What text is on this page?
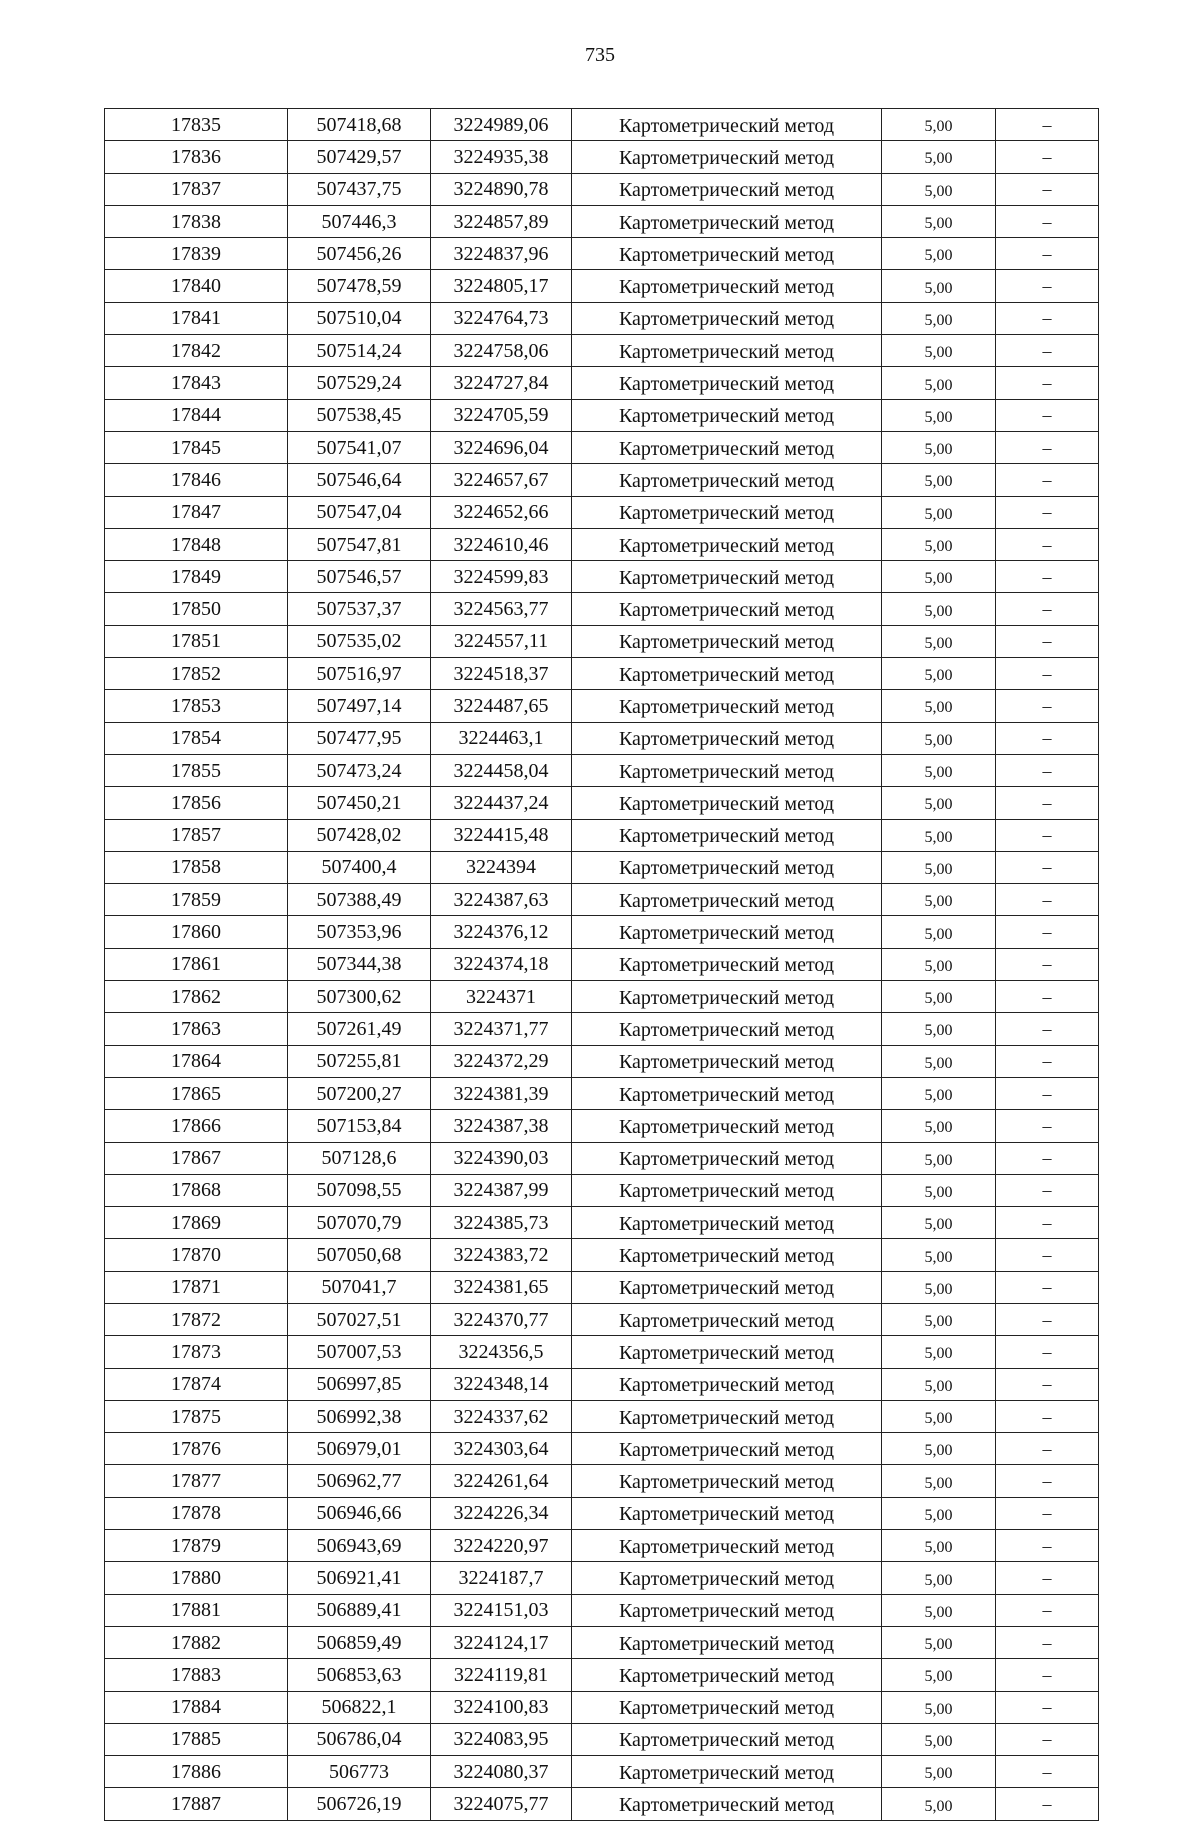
735
17835	507418,68	3224989,06	Картометрический метод	5,00	–
17836	507429,57	3224935,38	Картометрический метод	5,00	–
17837	507437,75	3224890,78	Картометрический метод	5,00	–
17838	507446,3	3224857,89	Картометрический метод	5,00	–
17839	507456,26	3224837,96	Картометрический метод	5,00	–
17840	507478,59	3224805,17	Картометрический метод	5,00	–
17841	507510,04	3224764,73	Картометрический метод	5,00	–
17842	507514,24	3224758,06	Картометрический метод	5,00	–
17843	507529,24	3224727,84	Картометрический метод	5,00	–
17844	507538,45	3224705,59	Картометрический метод	5,00	–
17845	507541,07	3224696,04	Картометрический метод	5,00	–
17846	507546,64	3224657,67	Картометрический метод	5,00	–
17847	507547,04	3224652,66	Картометрический метод	5,00	–
17848	507547,81	3224610,46	Картометрический метод	5,00	–
17849	507546,57	3224599,83	Картометрический метод	5,00	–
17850	507537,37	3224563,77	Картометрический метод	5,00	–
17851	507535,02	3224557,11	Картометрический метод	5,00	–
17852	507516,97	3224518,37	Картометрический метод	5,00	–
17853	507497,14	3224487,65	Картометрический метод	5,00	–
17854	507477,95	3224463,1	Картометрический метод	5,00	–
17855	507473,24	3224458,04	Картометрический метод	5,00	–
17856	507450,21	3224437,24	Картометрический метод	5,00	–
17857	507428,02	3224415,48	Картометрический метод	5,00	–
17858	507400,4	3224394	Картометрический метод	5,00	–
17859	507388,49	3224387,63	Картометрический метод	5,00	–
17860	507353,96	3224376,12	Картометрический метод	5,00	–
17861	507344,38	3224374,18	Картометрический метод	5,00	–
17862	507300,62	3224371	Картометрический метод	5,00	–
17863	507261,49	3224371,77	Картометрический метод	5,00	–
17864	507255,81	3224372,29	Картометрический метод	5,00	–
17865	507200,27	3224381,39	Картометрический метод	5,00	–
17866	507153,84	3224387,38	Картометрический метод	5,00	–
17867	507128,6	3224390,03	Картометрический метод	5,00	–
17868	507098,55	3224387,99	Картометрический метод	5,00	–
17869	507070,79	3224385,73	Картометрический метод	5,00	–
17870	507050,68	3224383,72	Картометрический метод	5,00	–
17871	507041,7	3224381,65	Картометрический метод	5,00	–
17872	507027,51	3224370,77	Картометрический метод	5,00	–
17873	507007,53	3224356,5	Картометрический метод	5,00	–
17874	506997,85	3224348,14	Картометрический метод	5,00	–
17875	506992,38	3224337,62	Картометрический метод	5,00	–
17876	506979,01	3224303,64	Картометрический метод	5,00	–
17877	506962,77	3224261,64	Картометрический метод	5,00	–
17878	506946,66	3224226,34	Картометрический метод	5,00	–
17879	506943,69	3224220,97	Картометрический метод	5,00	–
17880	506921,41	3224187,7	Картометрический метод	5,00	–
17881	506889,41	3224151,03	Картометрический метод	5,00	–
17882	506859,49	3224124,17	Картометрический метод	5,00	–
17883	506853,63	3224119,81	Картометрический метод	5,00	–
17884	506822,1	3224100,83	Картометрический метод	5,00	–
17885	506786,04	3224083,95	Картометрический метод	5,00	–
17886	506773	3224080,37	Картометрический метод	5,00	–
17887	506726,19	3224075,77	Картометрический метод	5,00	–
